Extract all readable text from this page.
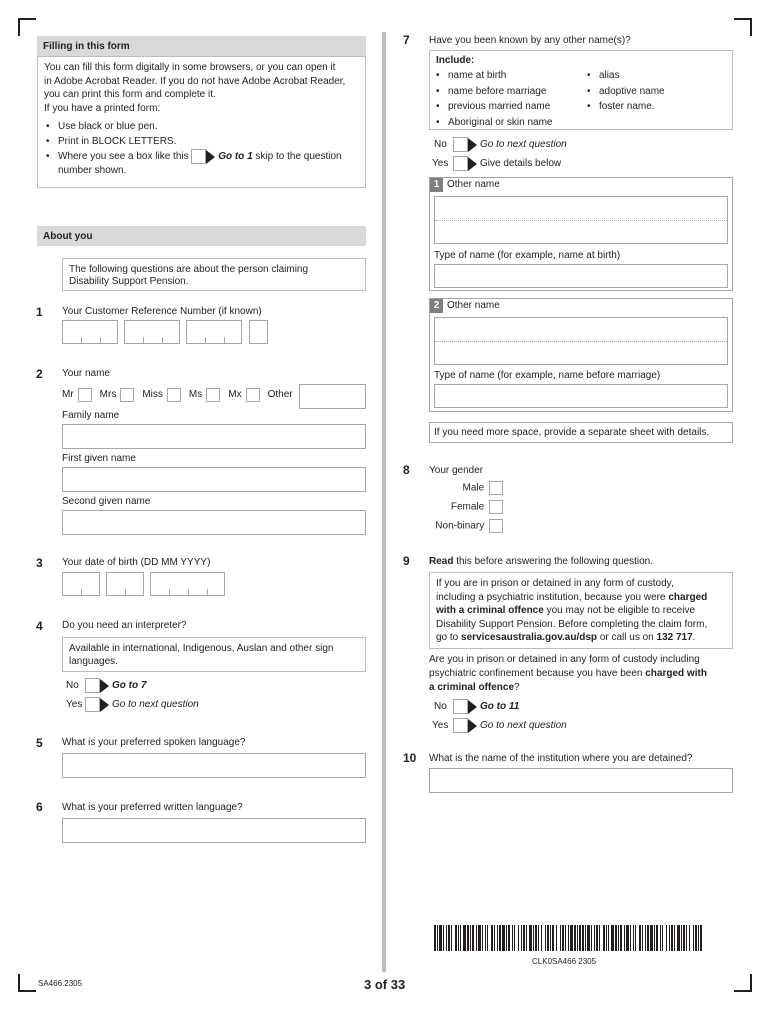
Filling in this form
You can fill this form digitally in some browsers, or you can open it
in Adobe Acrobat Reader. If you do not have Adobe Acrobat Reader,
you can print this form and complete it.
If you have a printed form:
• Use black or blue pen.
• Print in BLOCK LETTERS.
• Where you see a box like this	Go to 1 skip to the question
number shown.
About you
The following questions are about the person claiming
Disability Support Pension.
1 Your Customer Reference Number (if known)
2 Your name
Mr	Mrs	Miss	Ms	Mx	Other
Family name
First given name
Second given name
3 Your date of birth (DD MM YYYY)
4 Do you need an interpreter?
Available in international, Indigenous, Auslan and other sign
languages.
No	Go to 7
Yes	Go to next question
5 What is your preferred spoken language?
6 What is your preferred written language?
7 Have you been known by any other name(s)?
Include:
• name at birth
• name before marriage
• previous married name
• Aboriginal or skin name
• alias
• adoptive name
• foster name.
No	Go to next question
Yes	Give details below
1 Other name
Type of name (for example, name at birth)
2 Other name
Type of name (for example, name before marriage)
If you need more space, provide a separate sheet with details.
8 Your gender
Male
Female
Non-binary
9 Read this before answering the following question.
If you are in prison or detained in any form of custody,
including a psychiatric institution, because you were charged
with a criminal offence you may not be eligible to receive
Disability Support Pension. Before completing the claim form,
go to servicesaustralia.gov.au/dsp or call us on 132 717.
Are you in prison or detained in any form of custody including
psychiatric confinement because you have been charged with
a criminal offence?
No	Go to 11
Yes	Go to next question
10 What is the name of the institution where you are detained?
CLK0SA466 2305
SA466.2305	3 of 33
